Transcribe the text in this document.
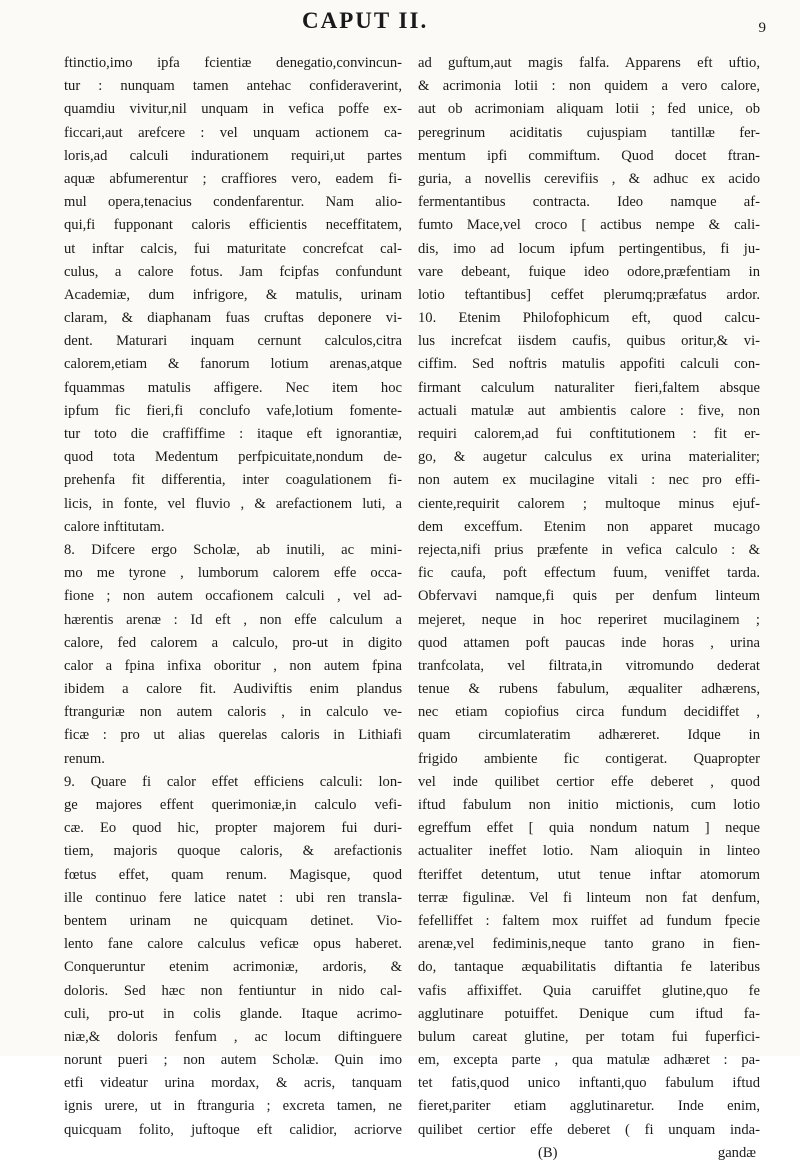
CAPUT II.	9
ftinctio,imo ipfa fcientiæ denegatio,convincun-
tur : nunquam tamen antehac confideraverint,
quamdiu vivitur,nil unquam in vefica poffe ex-
ficcari,aut arefcere : vel unquam actionem ca-
loris,ad calculi indurationem requiri,ut partes
aquæ abfumerentur ; craffiores vero, eadem fi-
mul opera,tenacius condenfarentur. Nam alio-
qui,fi fupponant caloris efficientis neceffitatem,
ut inftar calcis, fui maturitate concrefcat cal-
culus, a calore fotus. Jam fcipfas confundunt
Academiæ, dum infrigore, & matulis, urinam
claram, & diaphanam fuas cruftas deponere vi-
dent. Maturari inquam cernunt calculos,citra
calorem,etiam & fanorum lotium arenas,atque
fquammas matulis affigere. Nec item hoc
ipfum fic fieri,fi conclufo vafe,lotium fomente-
tur toto die craffiffime : itaque eft ignorantiæ,
quod tota Medentum perfpicuitate,nondum de-
prehenfa fit differentia, inter coagulationem fi-
licis, in fonte, vel fluvio , & arefactionem luti, a
calore inftitutam.
8. Difcere ergo Scholæ, ab inutili, ac mini-
mo me tyrone , lumborum calorem effe occa-
fione ; non autem occafionem calculi , vel ad-
hærentis arenæ : Id eft , non effe calculum a
calore, fed calorem a calculo, pro-ut in digito
calor a fpina infixa oboritur , non autem fpina
ibidem a calore fit. Audiviftis enim plandus
ftranguriæ non autem caloris , in calculo ve-
ficæ : pro ut alias querelas caloris in Lithiafi
renum.
9. Quare fi calor effet efficiens calculi: lon-
ge majores effent querimoniæ,in calculo vefi-
cæ. Eo quod hic, propter majorem fui duri-
tiem, majoris quoque caloris, & arefactionis
fœtus effet, quam renum. Magisque, quod
ille continuo fere latice natet : ubi ren transla-
bentem urinam ne quicquam detinet. Vio-
lento fane calore calculus veficæ opus haberet.
Conqueruntur etenim acrimoniæ, ardoris, &
doloris. Sed hæc non fentiuntur in nido cal-
culi, pro-ut in colis glande. Itaque acrimo-
niæ,& doloris fenfum , ac locum diftinguere
norunt pueri ; non autem Scholæ. Quin imo
etfi videatur urina mordax, & acris, tanquam
ignis urere, ut in ftranguria ; excreta tamen, ne
quicquam folito, juftoque eft calidior, acriorve
ad guftum,aut magis falfa. Apparens eft uftio,
& acrimonia lotii : non quidem a vero calore,
aut ob acrimoniam aliquam lotii ; fed unice, ob
peregrinum aciditatis cujuspiam tantillæ fer-
mentum ipfi commiftum. Quod docet ftran-
guria, a novellis cerevifiis , & adhuc ex acido
fermentantibus contracta. Ideo namque af-
fumto Mace,vel croco [ actibus nempe & cali-
dis, imo ad locum ipfum pertingentibus, fi ju-
vare debeant, fuique ideo odore,præfentiam in
lotio teftantibus] ceffet plerumq;præfatus ardor.
10. Etenim Philofophicum eft, quod calcu-
lus increfcat iisdem caufis, quibus oritur,& vi-
ciffim. Sed noftris matulis appofiti calculi con-
firmant calculum naturaliter fieri,faltem absque
actuali matulæ aut ambientis calore : five, non
requiri calorem,ad fui conftitutionem : fit er-
go, & augetur calculus ex urina materialiter;
non autem ex mucilagine vitali : nec pro effi-
ciente,requirit calorem ; multoque minus ejuf-
dem exceffum. Etenim non apparet mucago
rejecta,nifi prius præfente in vefica calculo : &
fic caufa, poft effectum fuum, veniffet tarda.
Obfervavi namque,fi quis per denfum linteum
mejeret, neque in hoc reperiret mucilaginem ;
quod attamen poft paucas inde horas , urina
tranfcolata, vel filtrata,in vitromundo dederat
tenue & rubens fabulum, æqualiter adhærens,
nec etiam copiofius circa fundum decidiffet ,
quam circumlateratim adhæreret. Idque in
frigido ambiente fic contigerat. Quapropter
vel inde quilibet certior effe deberet , quod
iftud fabulum non initio mictionis, cum lotio
egreffum effet [ quia nondum natum ] neque
actualiter ineffet lotio. Nam alioquin in linteo
fteriffet detentum, utut tenue inftar atomorum
terræ figulinæ. Vel fi linteum non fat denfum,
fefelliffet : faltem mox ruiffet ad fundum fpecie
arenæ,vel fediminis,neque tanto grano in fien-
do, tantaque æquabilitatis diftantia fe lateribus
vafis affixiffet. Quia caruiffet glutine,quo fe
agglutinare potuiffet. Denique cum iftud fa-
bulum careat glutine, per totam fui fuperfici-
em, excepta parte , qua matulæ adhæret : pa-
tet fatis,quod unico inftanti,quo fabulum iftud
fieret,pariter etiam agglutinaretur. Inde enim,
quilibet certior effe deberet ( fi unquam inda-
(B)	gandæ
